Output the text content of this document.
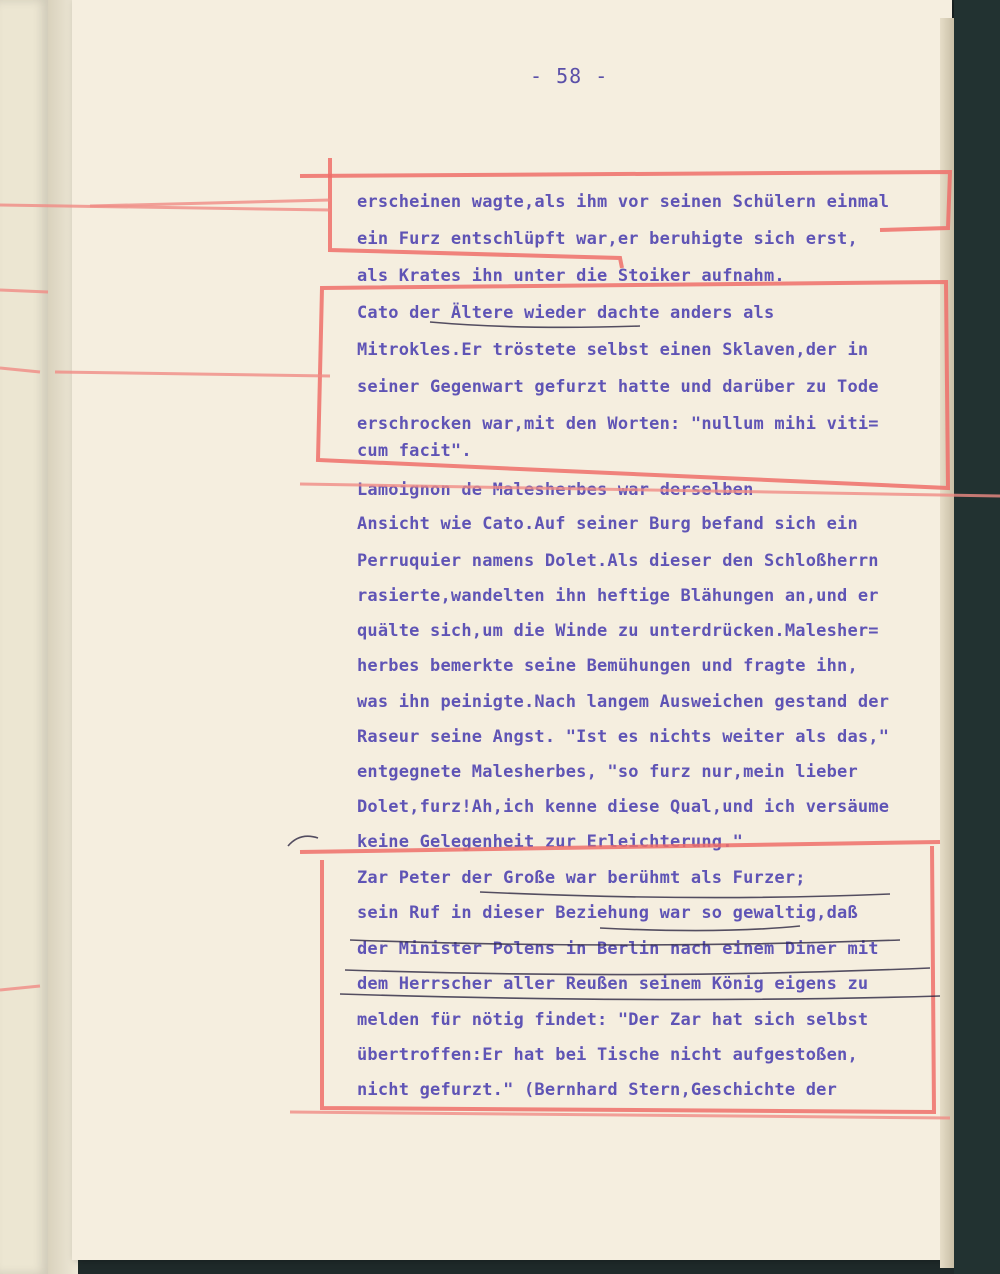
- 58 -
erscheinen wagte,als ihm vor seinen Schülern einmal
ein Furz entschlüpft war,er beruhigte sich erst,
als Krates ihn unter die Stoiker aufnahm.
Cato der Ältere wieder dachte anders als
Mitrokles.Er tröstete selbst einen Sklaven,der in
seiner Gegenwart gefurzt hatte und darüber zu Tode
erschrocken war,mit den Worten: "nullum mihi viti=
cum facit".
Lamoignon de Malesherbes war derselben
Ansicht wie Cato.Auf seiner Burg befand sich ein
Perruquier namens Dolet.Als dieser den Schloßherrn
rasierte,wandelten ihn heftige Blähungen an,und er
quälte sich,um die Winde zu unterdrücken.Malesher=
herbes bemerkte seine Bemühungen und fragte ihn,
was ihn peinigte.Nach langem Ausweichen gestand der
Raseur seine Angst. "Ist es nichts weiter als das,"
entgegnete Malesherbes, "so furz nur,mein lieber
Dolet,furz!Ah,ich kenne diese Qual,und ich versäume
keine Gelegenheit zur Erleichterung."
Zar Peter der Große war berühmt als Furzer;
sein Ruf in dieser Beziehung war so gewaltig,daß
der Minister Polens in Berlin nach einem Diner mit
dem Herrscher aller Reußen seinem König eigens zu
melden für nötig findet: "Der Zar hat sich selbst
übertroffen:Er hat bei Tische nicht aufgestoßen,
nicht gefurzt." (Bernhard Stern,Geschichte der
